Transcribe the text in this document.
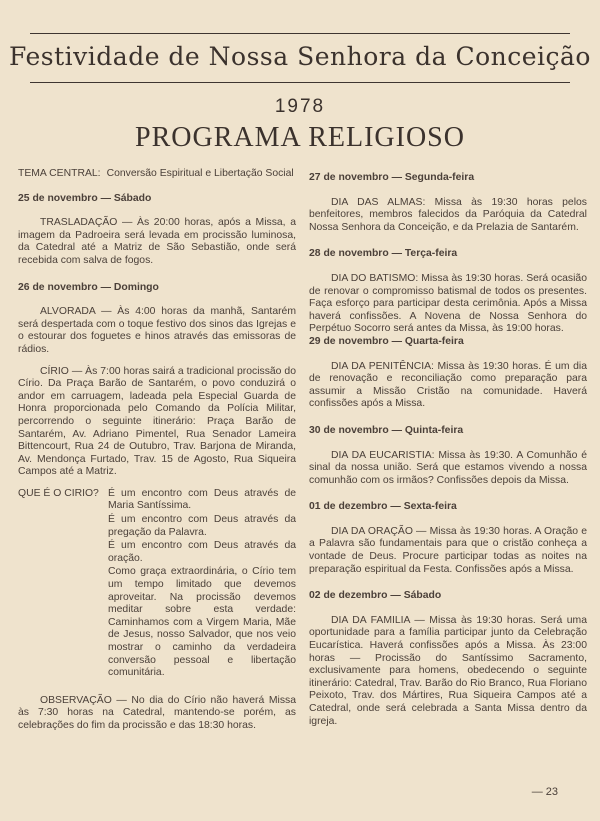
Festividade de Nossa Senhora da Conceição
1978
PROGRAMA RELIGIOSO
TEMA CENTRAL: Conversão Espiritual e Libertação Social
25 de novembro — Sábado

TRASLADAÇÃO — Às 20:00 horas, após a Missa, a imagem da Padroeira será levada em procissão luminosa, da Catedral até a Matriz de São Sebastião, onde será recebida com salva de fogos.

26 de novembro — Domingo

ALVORADA — Às 4:00 horas da manhã, Santarém será despertada com o toque festivo dos sinos das Igrejas e o estourar dos foguetes e hinos através das emissoras de rádios.

CÍRIO — Às 7:00 horas sairá a tradicional procissão do Círio. Da Praça Barão de Santarém, o povo conduzirá o andor em carruagem, ladeada pela Especial Guarda de Honra proporcionada pelo Comando da Polícia Militar, percorrendo o seguinte itinerário: Praça Barão de Santarém, Av. Adriano Pimentel, Rua Senador Lameira Bittencourt, Rua 24 de Outubro, Trav. Barjona de Miranda, Av. Mendonça Furtado, Trav. 15 de Agosto, Rua Siqueira Campos até a Matriz.

QUE É O CIRIO? É um encontro com Deus através de Maria Santíssima.

É um encontro com Deus através da pregação da Palavra.

É um encontro com Deus através da oração.

Como graça extraordinária, o Círio tem um tempo limitado que devemos aproveitar. Na procissão devemos meditar sobre esta verdade: Caminhamos com a Virgem Maria, Mãe de Jesus, nosso Salvador, que nos veio mostrar o caminho da verdadeira conversão pessoal e libertação comunitária.

OBSERVAÇÃO — No dia do Círio não haverá Missa às 7:30 horas na Catedral, mantendo-se porém, as celebrações do fim da procissão e das 18:30 horas.

27 de novembro — Segunda-feira

DIA DAS ALMAS: Missa às 19:30 horas pelos benfeitores, membros falecidos da Paróquia da Catedral Nossa Senhora da Conceição, e da Prelazia de Santarém.

28 de novembro — Terça-feira

DIA DO BATISMO: Missa às 19:30 horas. Será ocasião de renovar o compromisso batismal de todos os presentes. Faça esforço para participar desta cerimônia. Após a Missa haverá confissões. A Novena de Nossa Senhora do Perpétuo Socorro será antes da Missa, às 19:00 horas.

29 de novembro — Quarta-feira

DIA DA PENITÊNCIA: Missa às 19:30 horas. É um dia de renovação e reconciliação como preparação para assumir a Missão Cristão na comunidade. Haverá confissões após a Missa.

30 de novembro — Quinta-feira

DIA DA EUCARISTIA: Missa às 19:30. A Comunhão é sinal da nossa união. Será que estamos vivendo a nossa comunhão com os irmãos? Confissões depois da Missa.

01 de dezembro — Sexta-feira

DIA DA ORAÇÃO — Missa às 19:30 horas. A Oração e a Palavra são fundamentais para que o cristão conheça a vontade de Deus. Procure participar todas as noites na preparação espiritual da Festa. Confissões após a Missa.

02 de dezembro — Sábado

DIA DA FAMILIA — Missa às 19:30 horas. Será uma oportunidade para a família participar junto da Celebração Eucarística. Haverá confissões após a Missa. Às 23:00 horas — Procissão do Santíssimo Sacramento, exclusivamente para homens, obedecendo o seguinte itinerário: Catedral, Trav. Barão do Rio Branco, Rua Floriano Peixoto, Trav. dos Mártires, Rua Siqueira Campos até a Catedral, onde será celebrada a Santa Missa dentro da igreja.

— 23
